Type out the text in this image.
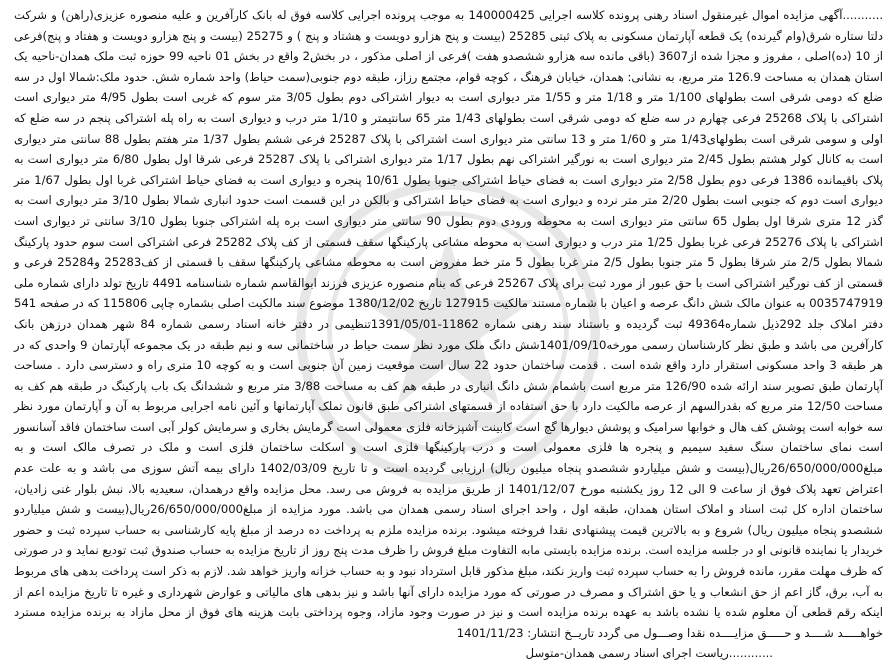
...........آگهی مزایده اموال غیرمنقول اسناد رهنی پرونده کلاسه اجرایی 140000425 به موجب پرونده اجرایی کلاسه فوق له بانک کارآفرین و علیه منصوره عزیزی(راهن) و شرکت دلتا ستاره شرق(وام گیرنده) یک قطعه آپارتمان مسکونی به پلاک ثبتی 25285 (بیست و پنج هزارو دویست و هشتاد و پنج ) و 25275 (بیست و پنج هزارو دویست و هفتاد و پنج)فرعی از 10 (ده)اصلی ، مفروز و مجزا شده از3607 (باقی مانده سه هزارو ششصدو هفت )فرعی از اصلی مذکور ، در بخش2 واقع در بخش 01 ناحیه 99 حوزه ثبت ملک همدان-ناحیه یک استان همدان به مساحت 126.9 متر مربع، به نشانی: همدان، خیابان فرهنگ ، کوچه قوام، مجتمع رزاز، طبقه دوم جنوبی(سمت حیاط) واحد شماره شش. حدود ملک:شمالا اول در سه ضلع که دومی شرقی است بطولهای 1/100 متر و 1/18 متر و 1/55 متر دیواری است به دیوار اشتراکی دوم بطول 3/05 متر سوم که غربی است بطول 4/95 متر دیواری است اشتراکی با پلاک 25268 فرعی چهارم در سه ضلع که دومی شرقی است بطولهای 1/43 متر 65 سانتیمتر و 1/10 متر درب و دیواری است به راه پله اشتراکی پنجم در سه ضلع که اولی و سومی شرقی است بطولهای1/43 متر و 1/60 متر و 13 سانتی متر دیواری است اشتراکی با پلاک 25287 فرعی ششم بطول 1/37 متر هفتم بطول 88 سانتی متر دیواری است به کانال کولر هشتم بطول 2/45 متر دیواری است به نورگیر اشتراکی نهم بطول 1/17 متر دیواری اشتراکی با پلاک 25287 فرعی شرقا اول بطول 6/80 متر دیواری است به پلاک باقیمانده 1386 فرعی دوم بطول 2/58 متر دیواری است به فضای حیاط اشتراکی جنوبا بطول 10/61 پنجره و دیواری است به فضای حیاط اشتراکی غربا اول بطول 1/67 متر دیواری است دوم که جنوبی است بطول 2/20 متر متر نرده و دیواری است به فضای حیاط اشتراکی و بالکن در این قسمت است حدود انباری شمالا بطول 3/10 متر دیواری است به گذر 12 متری شرقا اول بطول 65 سانتی متر دیواری است به محوطه ورودی دوم بطول 90 سانتی متر دیواری است بره پله اشتراکی جنوبا بطول 3/10 سانتی تر دیواری است اشتراکی با پلاک 25276 فرعی غربا بطول 1/25 متر درب و دیواری است به محوطه مشاعی پارکینگها سقف قسمتی از کف پلاک 25282 فرعی اشتراکی است سوم حدود پارکینگ شمالا بطول 2/5 متر شرقا بطول 5 متر جنوبا بطول 2/5 متر غربا بطول 5 متر خط مفروض است به محوطه مشاعی پارکینگها سقف با قسمتی از کف25283 و25284 فرعی و قسمتی از کف نورگیر اشتراکی است با حق عبور از مورد ثبت برای پلاک 25267 فرعی که بنام منصوره عزیزی فرزند ابوالقاسم شماره شناسنامه 4491 تاریخ تولد دارای شماره ملی 0035747919 به عنوان مالک شش دانگ عرصه و اعیان با شماره مستند مالکیت 127915 تاریخ 1380/12/02 موضوع سند مالکیت اصلی بشماره چاپی 115806 که در صفحه 541 دفتر املاک جلد 292ذیل شماره49364 ثبت گردیده و باستناد سند رهنی شماره 11862-1391/05/01تنظیمی در دفتر خانه اسناد رسمی شماره 84 شهر همدان درزهن بانک کارآفرین می باشد و طبق نظر کارشناسان رسمی مورخه1401/09/10شش دانگ ملک مورد نظر سمت حیاط در ساختمانی سه و نیم طبقه در یک مجموعه آپارتمان 9 واحدی که در هر طبقه 3 واحد مسکونی استقرار دارد واقع شده است . قدمت ساختمان حدود 22 سال است موقعیت زمین آن جنوبی است و به کوچه 10 متری راه و دسترسی دارد . مساحت آپارتمان طبق تصویر سند ارائه شده 126/90 متر مربع است باشمام شش دانگ انباری در طبقه هم کف به مساحت 3/88 متر مربع و ششدانگ یک باب پارکینگ در طبقه هم کف به مساحت 12/50 متر مربع که بقدرالسهم از عرصه مالکیت دارد با حق استفاده از قسمتهای اشتراکی طبق قانون تملک آپارتمانها و آئین نامه اجرایی مربوط به آن و آپارتمان مورد نظر سه خوابه است پوشش کف هال و خوابها سرامیک و پوشش دیوارها گچ است کابینت آشپزخانه فلزی معمولی است گرمایش بخاری و سرمایش کولر آبی است ساختمان فاقد آسانسور است نمای ساختمان سنگ سفید سیمیم و پنجره ها فلزی معمولی است و درب پارکینگها فلزی است و اسکلت ساختمان فلزی است و ملک در تصرف مالک است و به مبلغ26/650/000/000ریال(بیست و شش میلیاردو ششصدو پنجاه میلیون ریال) ارزیابی گردیده است و تا تاریخ 1402/03/09 دارای بیمه آتش سوزی می باشد و به علت عدم اعتراض تعهد پلاک فوق از ساعت 9 الی 12 روز یکشنبه مورخ 1401/12/07 از طریق مزایده به فروش می رسد. محل مزایده واقع درهمدان، سعیدیه بالا، نبش بلوار غنی زادیان، ساختمان اداره کل ثبت اسناد و املاک استان همدان، طبقه اول ، واحد اجرای اسناد رسمی همدان می باشد. مورد مزایده از مبلغ26/650/000/000ریال(بیست و شش میلیاردو ششصدو پنجاه میلیون ریال) شروع و به بالاترین قیمت پیشنهادی نقدا فروخته میشود. برنده مزایده ملزم به پرداخت ده درصد از مبلغ پایه کارشناسی به حساب سپرده ثبت و حضور خریدار یا نماینده قانونی او در جلسه مزایده است. برنده مزایده بایستی مابه التفاوت مبلغ فروش را ظرف مدت پنج روز از تاریخ مزایده به حساب صندوق ثبت تودیع نماید و در صورتی که ظرف مهلت مقرر، مانده فروش را به حساب سپرده ثبت واریز نکند، مبلغ مذکور قابل استرداد نبود و به حساب خزانه واریز خواهد شد. لازم به ذکر است پرداخت بدهی های مربوط به آب، برق، گاز اعم از حق انشعاب و یا حق اشتراک و مصرف در صورتی که مورد مزایده دارای آنها باشد و نیز بدهی های مالیاتی و عوارض شهرداری و غیره تا تاریخ مزایده اعم از اینکه رقم قطعی آن معلوم شده یا نشده باشد به عهده برنده مزایده است و نیز در صورت وجود مازاد، وجوه پرداختی بابت هزینه های فوق از محل مازاد به برنده مزایده مسترد خواهـــــد شــــد و حـــــق مزایــــده نقدا وصـــول می گردد تاریــخ انتشار: 1401/11/23

............ریاست اجرای اسناد رسمی همدان-متوسل
